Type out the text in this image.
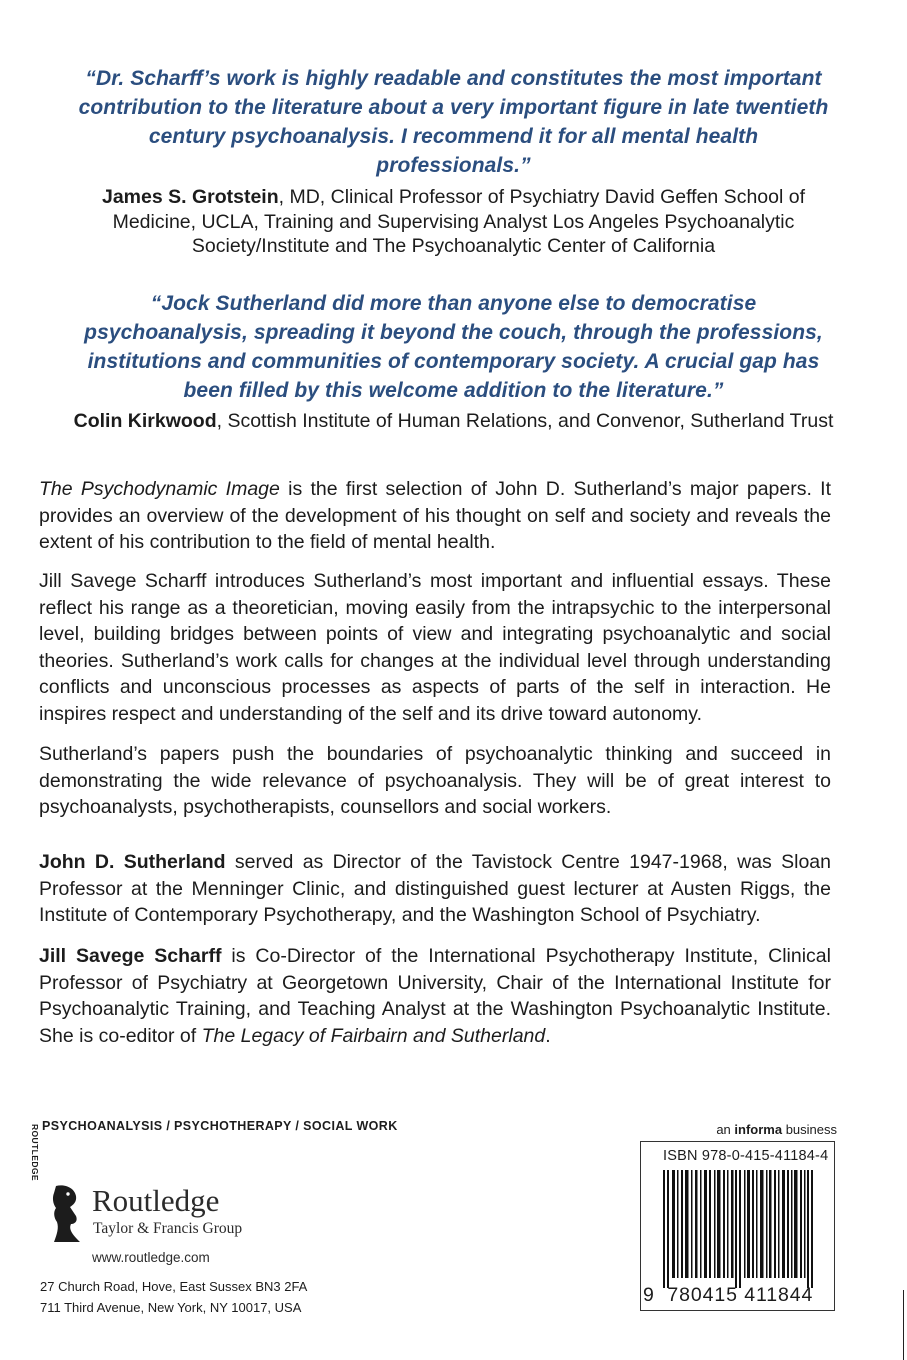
“Dr. Scharff’s work is highly readable and constitutes the most important
contribution to the literature about a very important figure in late twentieth
century psychoanalysis. I recommend it for all mental health
professionals.”
James S. Grotstein, MD, Clinical Professor of Psychiatry David Geffen School of
Medicine, UCLA, Training and Supervising Analyst Los Angeles Psychoanalytic
Society/Institute and The Psychoanalytic Center of California
“Jock Sutherland did more than anyone else to democratise
psychoanalysis, spreading it beyond the couch, through the professions,
institutions and communities of contemporary society. A crucial gap has
been filled by this welcome addition to the literature.”
Colin Kirkwood, Scottish Institute of Human Relations, and Convenor, Sutherland Trust
The Psychodynamic Image is the first selection of John D. Sutherland’s major papers. It provides an overview of the development of his thought on self and society and reveals the extent of his contribution to the field of mental health.
Jill Savege Scharff introduces Sutherland’s most important and influential essays. These reflect his range as a theoretician, moving easily from the intrapsychic to the interpersonal level, building bridges between points of view and integrating psychoanalytic and social theories. Sutherland’s work calls for changes at the individual level through understanding conflicts and unconscious processes as aspects of parts of the self in interaction. He inspires respect and understanding of the self and its drive toward autonomy.
Sutherland’s papers push the boundaries of psychoanalytic thinking and succeed in demonstrating the wide relevance of psychoanalysis. They will be of great interest to psychoanalysts, psychotherapists, counsellors and social workers.
John D. Sutherland served as Director of the Tavistock Centre 1947-1968, was Sloan Professor at the Menninger Clinic, and distinguished guest lecturer at Austen Riggs, the Institute of Contemporary Psychotherapy, and the Washington School of Psychiatry.
Jill Savege Scharff is Co-Director of the International Psychotherapy Institute, Clinical Professor of Psychiatry at Georgetown University, Chair of the International Institute for Psychoanalytic Training, and Teaching Analyst at the Washington Psychoanalytic Institute. She is co-editor of The Legacy of Fairbairn and Sutherland.
PSYCHOANALYSIS / PSYCHOTHERAPY / SOCIAL WORK	an informa business
ROUTLEDGE
Routledge
Taylor & Francis Group
www.routledge.com
27 Church Road, Hove, East Sussex BN3 2FA
711 Third Avenue, New York, NY 10017, USA
ISBN 978-0-415-41184-4
9 780415 411844
